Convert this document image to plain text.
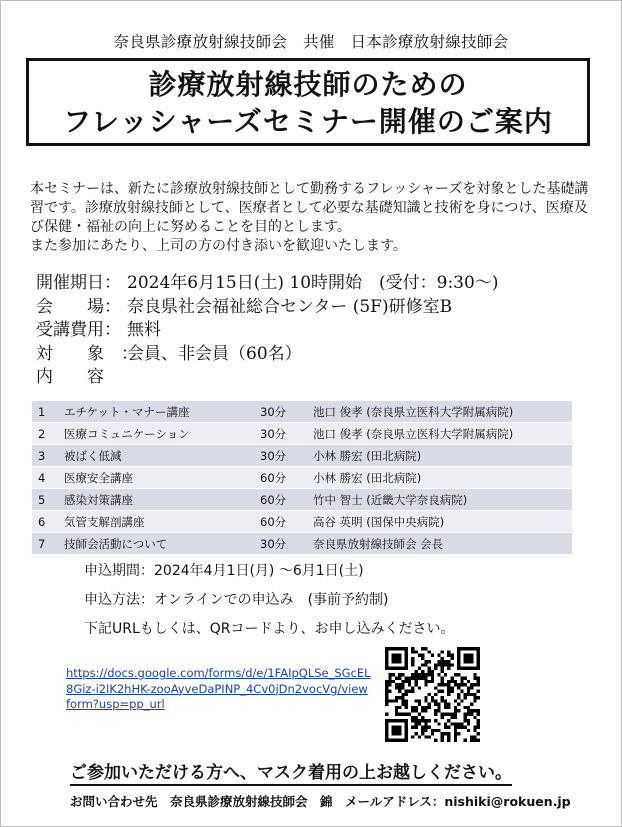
奈良県診療放射線技師会　共催　日本診療放射線技師会
診療放射線技師のための
フレッシャーズセミナー開催のご案内
本セミナーは、新たに診療放射線技師として勤務するフレッシャーズを対象とした基礎講習です。診療放射線技師として、医療者として必要な基礎知識と技術を身につけ、医療及び保健・福祉の向上に努めることを目的とします。
また参加にあたり、上司の方の付き添いを歓迎いたします。
開催期日： 2024年6月15日(土) 10時開始　(受付：9:30〜)
会　　場： 奈良県社会福祉総合センター (5F)研修室B
受講費用： 無料
対　　象　：
会員、非会員（60名）
内　　容
1	エチケット・マナー講座	30分	池口 俊孝 (奈良県立医科大学附属病院)
2	医療コミュニケーション	30分	池口 俊孝 (奈良県立医科大学附属病院)
3	被ばく低減	30分	小林 勝宏 (田北病院)
4	医療安全講座	60分	小林 勝宏 (田北病院)
5	感染対策講座	60分	竹中 智士 (近畿大学奈良病院)
6	気管支解剖講座	60分	高谷 英明 (国保中央病院)
7	技師会活動について	30分	奈良県放射線技師会 会長
申込期間：2024年4月1日(月) 〜6月1日(土)
申込方法：オンラインでの申込み　(事前予約制)
下記URLもしくは、QRコードより、お申し込みください。
https://docs.google.com/forms/d/e/1FAIpQLSe_SGcEL8Giz-i2lK2hHK-zooAyveDaPINP_4Cv0jDn2vocVg/viewform?usp=pp_url
ご参加いただける方へ、マスク着用の上お越しください。
お問い合わせ先　奈良県診療放射線技師会　錦　メールアドレス：nishiki@rokuen.jp
